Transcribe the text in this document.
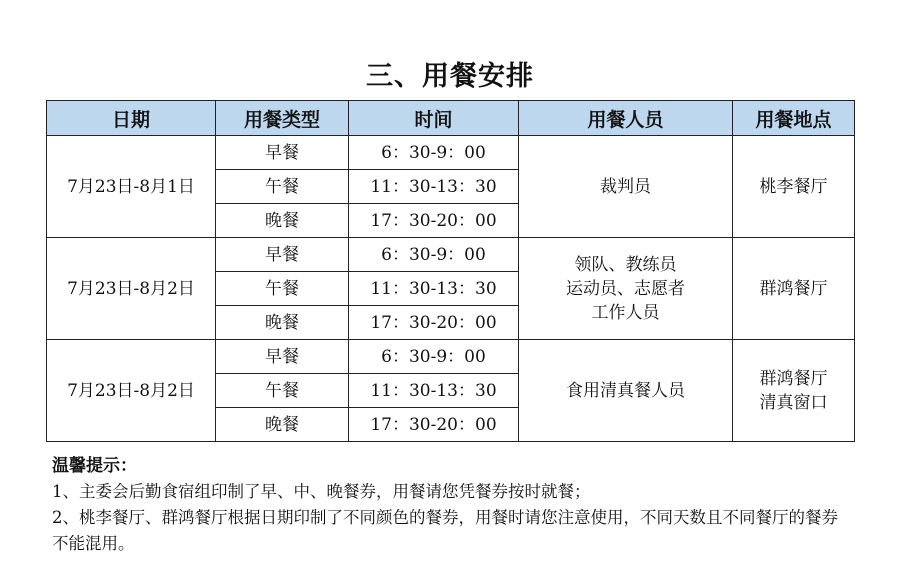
三、用餐安排
日期	用餐类型	时间	用餐人员	用餐地点
7月23日-8月1日	早餐	6：30-9：00	裁判员	桃李餐厅

	午餐	11：30-13：30		
	晚餐	17：30-20：00		
7月23日-8月2日	早餐	6：30-9：00	领队、教练员
运动员、志愿者
工作人员	群鸿餐厅

	午餐	11：30-13：30		
	晚餐	17：30-20：00		
7月23日-8月2日	早餐	6：30-9：00	食用清真餐人员	群鸿餐厅
清真窗口

	午餐	11：30-13：30		
	晚餐	17：30-20：00		
温馨提示：
1、主委会后勤食宿组印制了早、中、晚餐券，用餐请您凭餐券按时就餐；
2、桃李餐厅、群鸿餐厅根据日期印制了不同颜色的餐券，用餐时请您注意使用，不同天数且不同餐厅的餐券不能混用。
